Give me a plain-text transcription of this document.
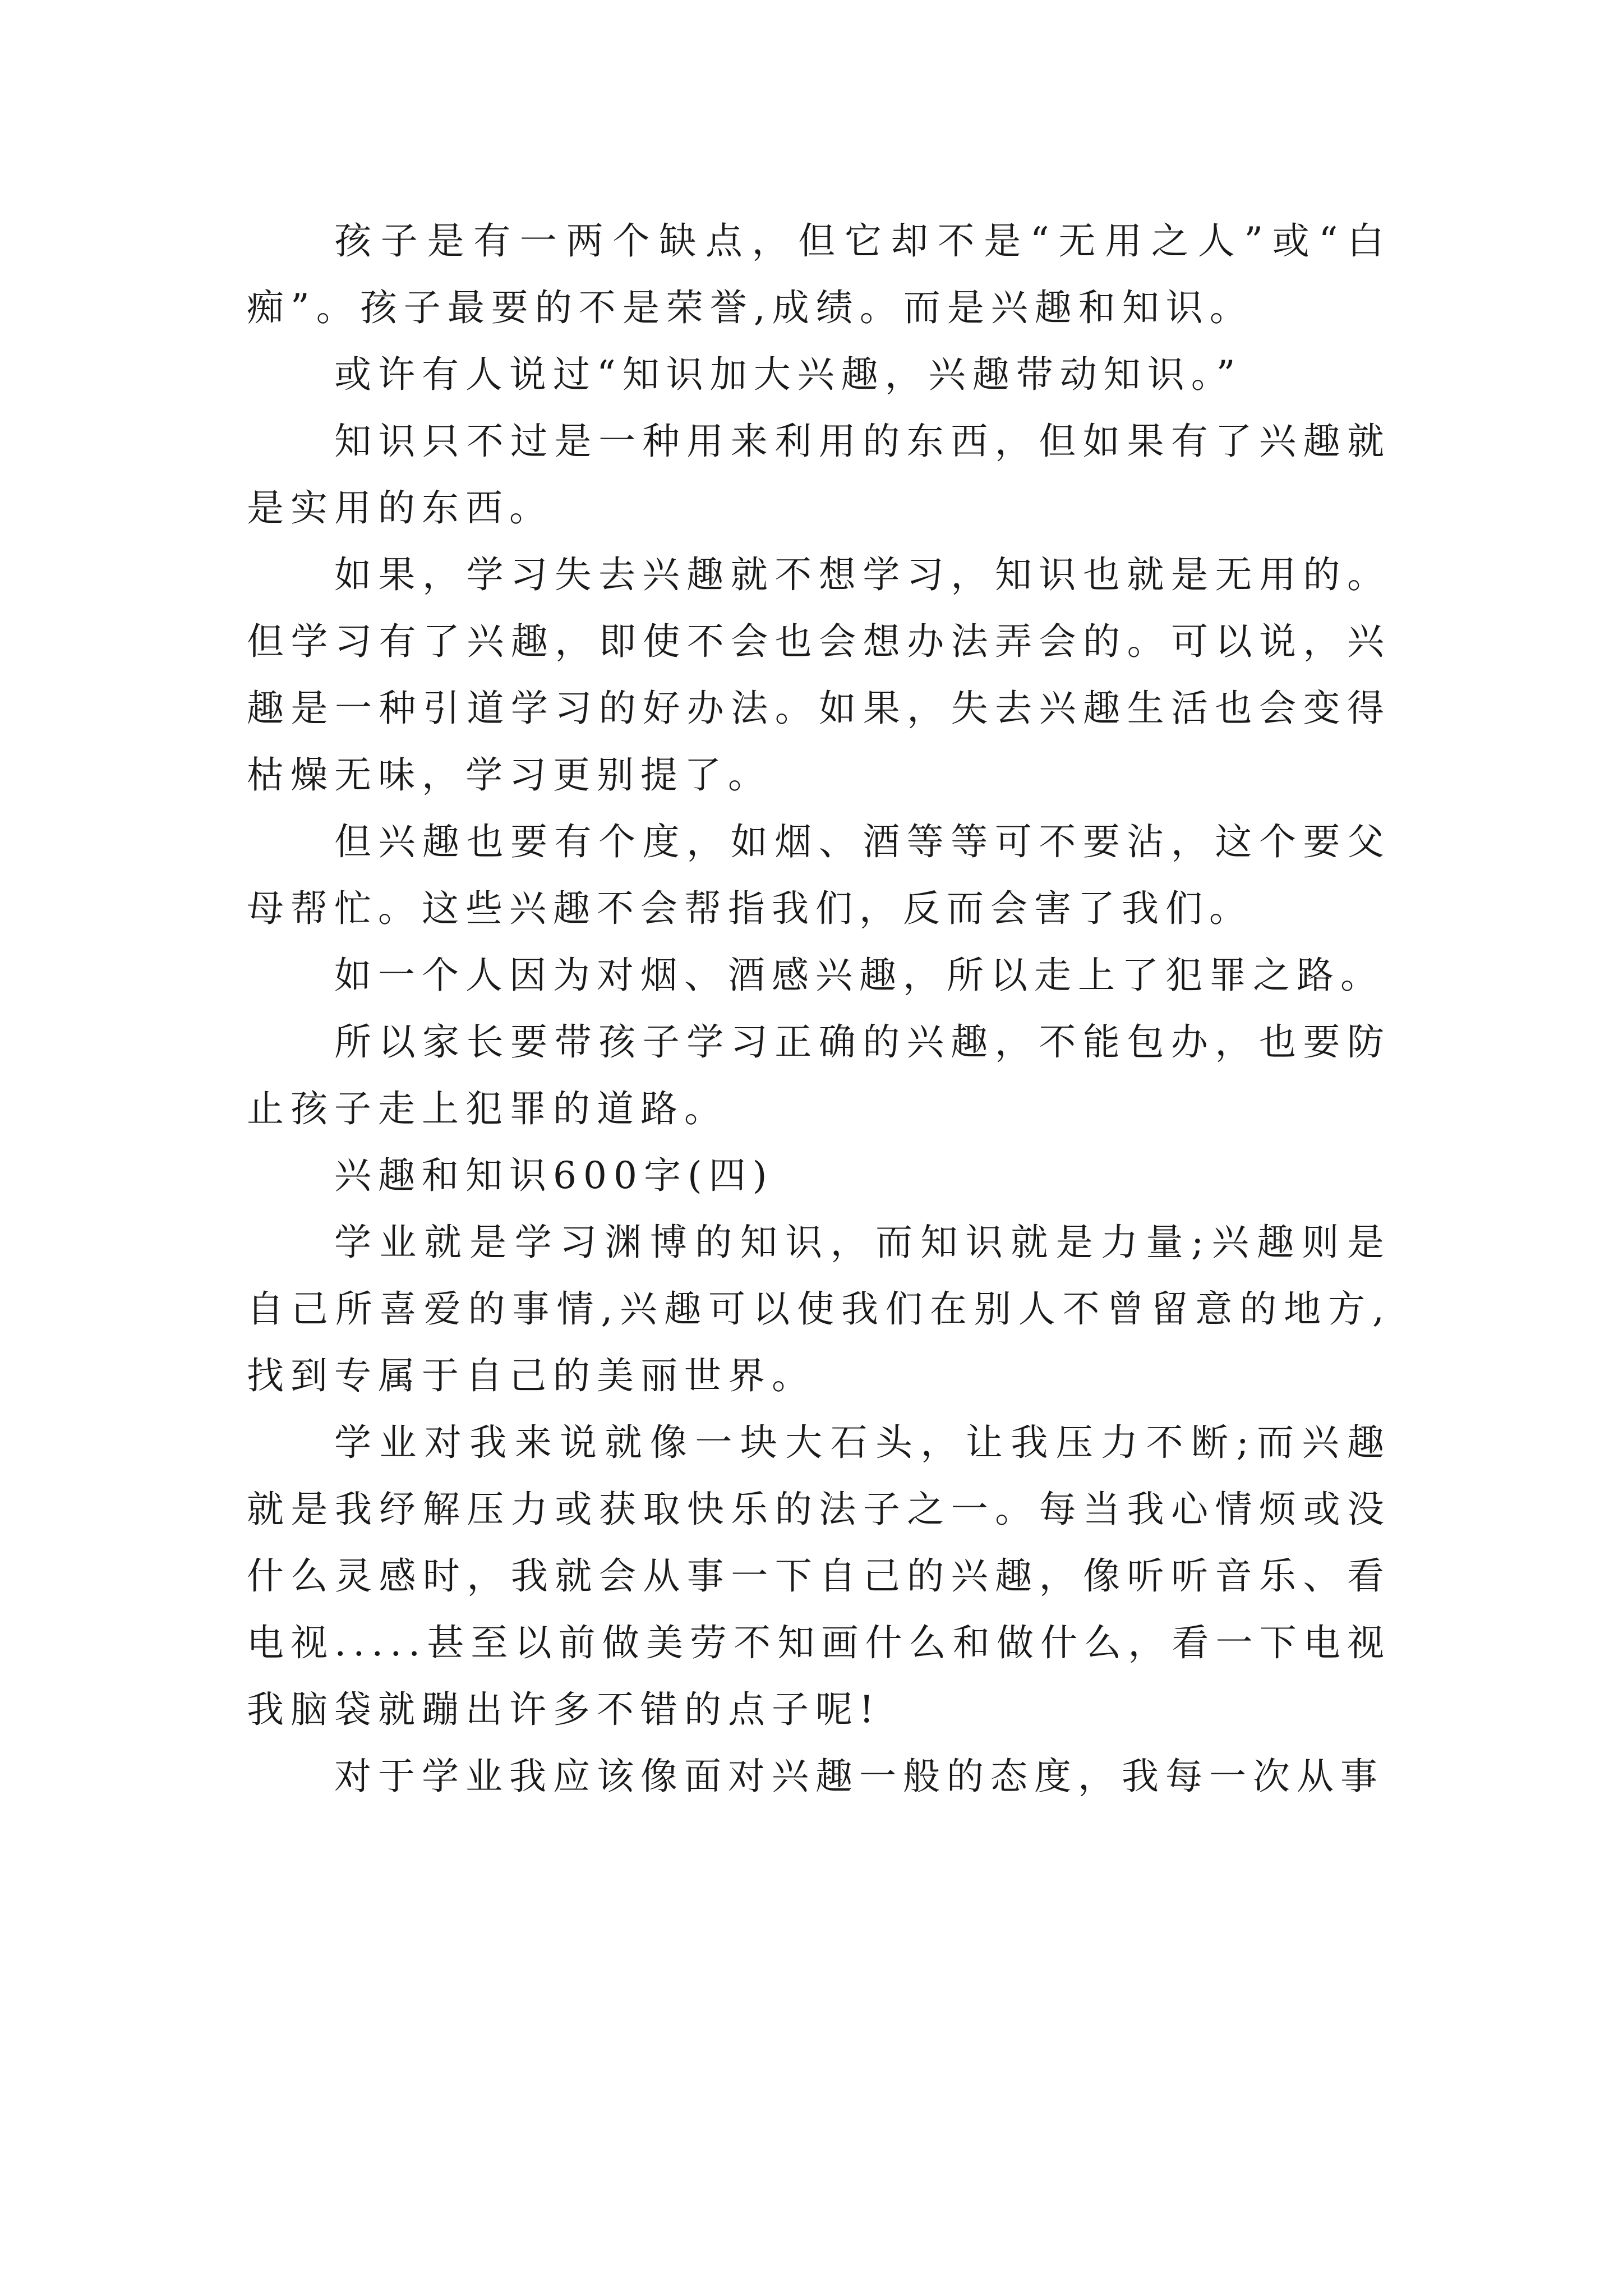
孩子是有一两个缺点，但它却不是“无用之人”或“白痴”。孩子最要的不是荣誉,成绩。而是兴趣和知识。

或许有人说过“知识加大兴趣，兴趣带动知识。”

知识只不过是一种用来利用的东西，但如果有了兴趣就是实用的东西。

如果，学习失去兴趣就不想学习，知识也就是无用的。但学习有了兴趣，即使不会也会想办法弄会的。可以说，兴趣是一种引道学习的好办法。如果，失去兴趣生活也会变得枯燥无味，学习更别提了。

但兴趣也要有个度，如烟、酒等等可不要沾，这个要父母帮忙。这些兴趣不会帮指我们，反而会害了我们。

如一个人因为对烟、酒感兴趣，所以走上了犯罪之路。

所以家长要带孩子学习正确的兴趣，不能包办，也要防止孩子走上犯罪的道路。

兴趣和知识600字(四)

学业就是学习渊博的知识，而知识就是力量;兴趣则是自己所喜爱的事情,兴趣可以使我们在别人不曾留意的地方,找到专属于自己的美丽世界。

学业对我来说就像一块大石头，让我压力不断;而兴趣就是我纾解压力或获取快乐的法子之一。每当我心情烦或没什么灵感时，我就会从事一下自己的兴趣，像听听音乐、看电视.....甚至以前做美劳不知画什么和做什么，看一下电视我脑袋就蹦出许多不错的点子呢!

对于学业我应该像面对兴趣一般的态度，我每一次从事
